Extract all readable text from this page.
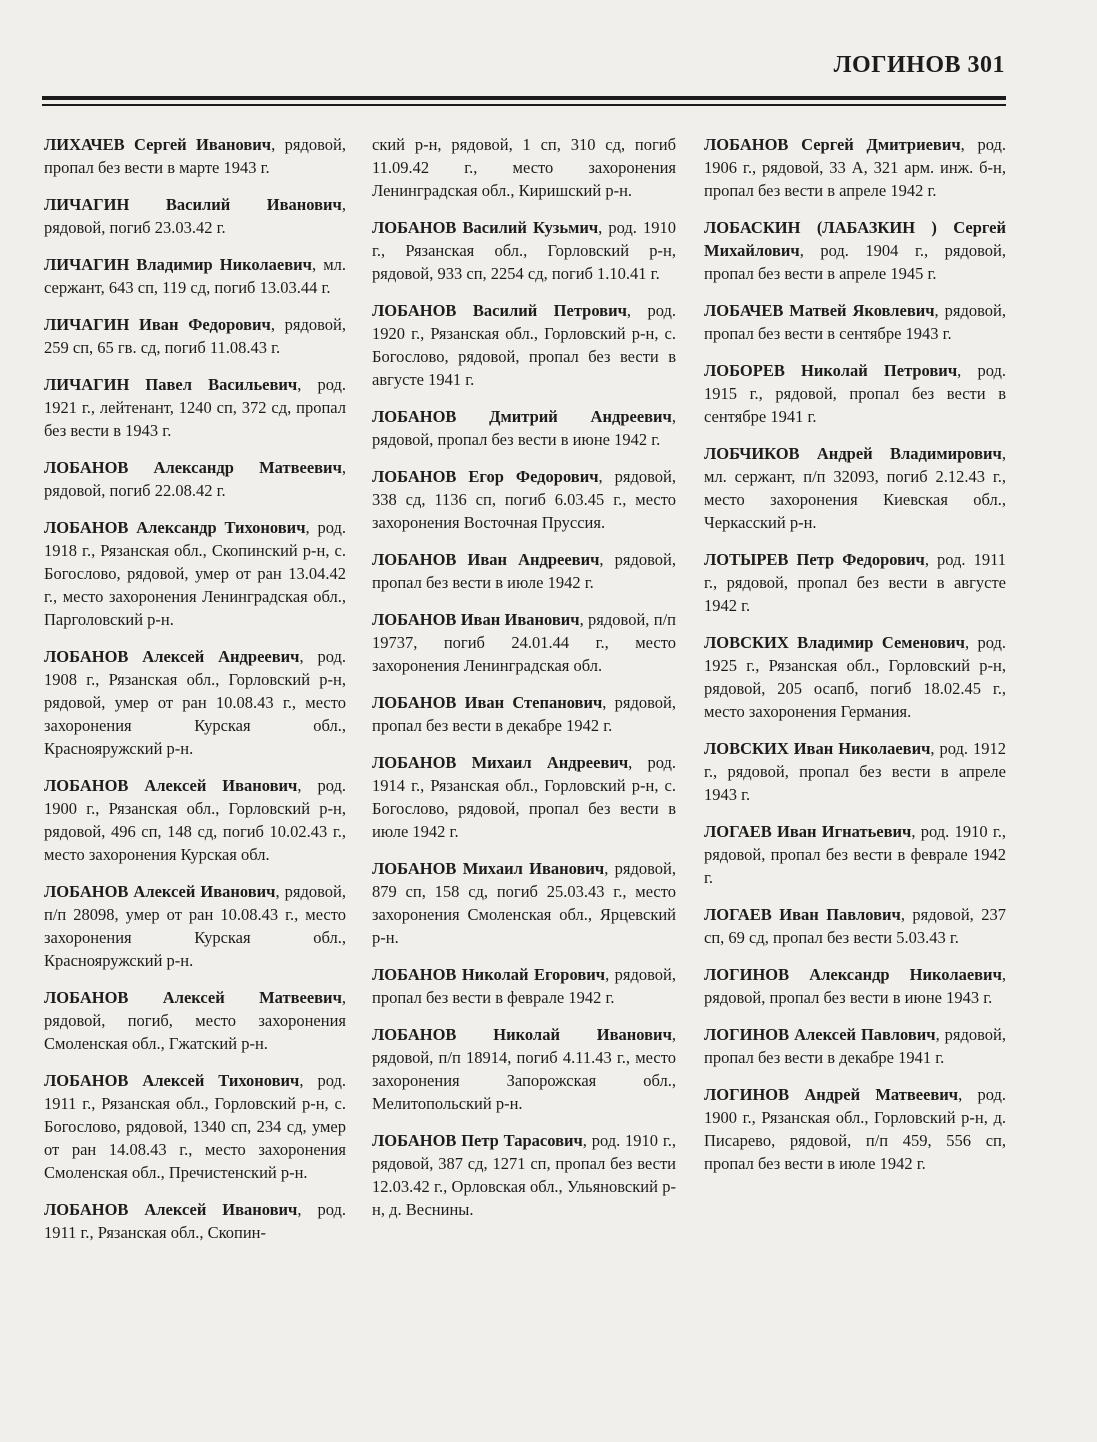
ЛОГИНОВ 301
ЛИХАЧЕВ Сергей Иванович, рядовой, пропал без вести в марте 1943 г.
ЛИЧАГИН Василий Иванович, рядовой, погиб 23.03.42 г.
ЛИЧАГИН Владимир Николаевич, мл. сержант, 643 сп, 119 сд, погиб 13.03.44 г.
ЛИЧАГИН Иван Федорович, рядовой, 259 сп, 65 гв. сд, погиб 11.08.43 г.
ЛИЧАГИН Павел Васильевич, род. 1921 г., лейтенант, 1240 сп, 372 сд, пропал без вести в 1943 г.
ЛОБАНОВ Александр Матвеевич, рядовой, погиб 22.08.42 г.
ЛОБАНОВ Александр Тихонович, род. 1918 г., Рязанская обл., Скопинский р-н, с. Богослово, рядовой, умер от ран 13.04.42 г., место захоронения Ленинградская обл., Парголовский р-н.
ЛОБАНОВ Алексей Андреевич, род. 1908 г., Рязанская обл., Горловский р-н, рядовой, умер от ран 10.08.43 г., место захоронения Курская обл., Краснояружский р-н.
ЛОБАНОВ Алексей Иванович, род. 1900 г., Рязанская обл., Горловский р-н, рядовой, 496 сп, 148 сд, погиб 10.02.43 г., место захоронения Курская обл.
ЛОБАНОВ Алексей Иванович, рядовой, п/п 28098, умер от ран 10.08.43 г., место захоронения Курская обл., Краснояружский р-н.
ЛОБАНОВ Алексей Матвеевич, рядовой, погиб, место захоронения Смоленская обл., Гжатский р-н.
ЛОБАНОВ Алексей Тихонович, род. 1911 г., Рязанская обл., Горловский р-н, с. Богослово, рядовой, 1340 сп, 234 сд, умер от ран 14.08.43 г., место захоронения Смоленская обл., Пречистенский р-н.
ЛОБАНОВ Алексей Иванович, род. 1911 г., Рязанская обл., Скопин-
ский р-н, рядовой, 1 сп, 310 сд, погиб 11.09.42 г., место захоронения Ленинградская обл., Киришский р-н.
ЛОБАНОВ Василий Кузьмич, род. 1910 г., Рязанская обл., Горловский р-н, рядовой, 933 сп, 2254 сд, погиб 1.10.41 г.
ЛОБАНОВ Василий Петрович, род. 1920 г., Рязанская обл., Горловский р-н, с. Богослово, рядовой, пропал без вести в августе 1941 г.
ЛОБАНОВ Дмитрий Андреевич, рядовой, пропал без вести в июне 1942 г.
ЛОБАНОВ Егор Федорович, рядовой, 338 сд, 1136 сп, погиб 6.03.45 г., место захоронения Восточная Пруссия.
ЛОБАНОВ Иван Андреевич, рядовой, пропал без вести в июле 1942 г.
ЛОБАНОВ Иван Иванович, рядовой, п/п 19737, погиб 24.01.44 г., место захоронения Ленинградская обл.
ЛОБАНОВ Иван Степанович, рядовой, пропал без вести в декабре 1942 г.
ЛОБАНОВ Михаил Андреевич, род. 1914 г., Рязанская обл., Горловский р-н, с. Богослово, рядовой, пропал без вести в июле 1942 г.
ЛОБАНОВ Михаил Иванович, рядовой, 879 сп, 158 сд, погиб 25.03.43 г., место захоронения Смоленская обл., Ярцевский р-н.
ЛОБАНОВ Николай Егорович, рядовой, пропал без вести в феврале 1942 г.
ЛОБАНОВ Николай Иванович, рядовой, п/п 18914, погиб 4.11.43 г., место захоронения Запорожская обл., Мелитопольский р-н.
ЛОБАНОВ Петр Тарасович, род. 1910 г., рядовой, 387 сд, 1271 сп, пропал без вести 12.03.42 г., Орловская обл., Ульяновский р-н, д. Веснины.
ЛОБАНОВ Сергей Дмитриевич, род. 1906 г., рядовой, 33 А, 321 арм. инж. б-н, пропал без вести в апреле 1942 г.
ЛОБАСКИН (ЛАБАЗКИН ) Сергей Михайлович, род. 1904 г., рядовой, пропал без вести в апреле 1945 г.
ЛОБАЧЕВ Матвей Яковлевич, рядовой, пропал без вести в сентябре 1943 г.
ЛОБОРЕВ Николай Петрович, род. 1915 г., рядовой, пропал без вести в сентябре 1941 г.
ЛОБЧИКОВ Андрей Владимирович, мл. сержант, п/п 32093, погиб 2.12.43 г., место захоронения Киевская обл., Черкасский р-н.
ЛОТЫРЕВ Петр Федорович, род. 1911 г., рядовой, пропал без вести в августе 1942 г.
ЛОВСКИХ Владимир Семенович, род. 1925 г., Рязанская обл., Горловский р-н, рядовой, 205 осапб, погиб 18.02.45 г., место захоронения Германия.
ЛОВСКИХ Иван Николаевич, род. 1912 г., рядовой, пропал без вести в апреле 1943 г.
ЛОГАЕВ Иван Игнатьевич, род. 1910 г., рядовой, пропал без вести в феврале 1942 г.
ЛОГАЕВ Иван Павлович, рядовой, 237 сп, 69 сд, пропал без вести 5.03.43 г.
ЛОГИНОВ Александр Николаевич, рядовой, пропал без вести в июне 1943 г.
ЛОГИНОВ Алексей Павлович, рядовой, пропал без вести в декабре 1941 г.
ЛОГИНОВ Андрей Матвеевич, род. 1900 г., Рязанская обл., Горловский р-н, д. Писарево, рядовой, п/п 459, 556 сп, пропал без вести в июле 1942 г.
